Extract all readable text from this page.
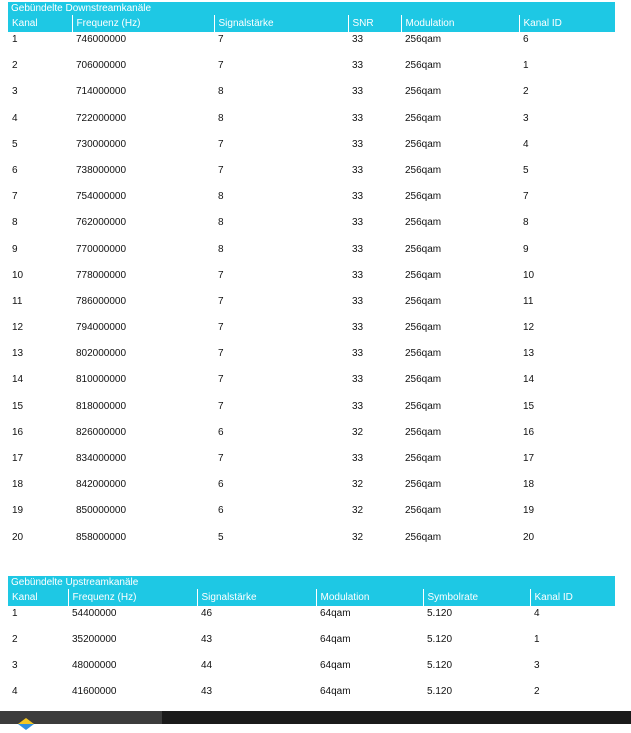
Gebündelte Downstreamkanäle
Kanal	Frequenz (Hz)	Signalstärke	SNR	Modulation	Kanal ID
1	746000000	7	33	256qam	6
2	706000000	7	33	256qam	1
3	714000000	8	33	256qam	2
4	722000000	8	33	256qam	3
5	730000000	7	33	256qam	4
6	738000000	7	33	256qam	5
7	754000000	8	33	256qam	7
8	762000000	8	33	256qam	8
9	770000000	8	33	256qam	9
10	778000000	7	33	256qam	10
11	786000000	7	33	256qam	11
12	794000000	7	33	256qam	12
13	802000000	7	33	256qam	13
14	810000000	7	33	256qam	14
15	818000000	7	33	256qam	15
16	826000000	6	32	256qam	16
17	834000000	7	33	256qam	17
18	842000000	6	32	256qam	18
19	850000000	6	32	256qam	19
20	858000000	5	32	256qam	20
Gebündelte Upstreamkanäle
Kanal	Frequenz (Hz)	Signalstärke	Modulation	Symbolrate	Kanal ID
1	54400000	46	64qam	5.120	4
2	35200000	43	64qam	5.120	1
3	48000000	44	64qam	5.120	3
4	41600000	43	64qam	5.120	2
